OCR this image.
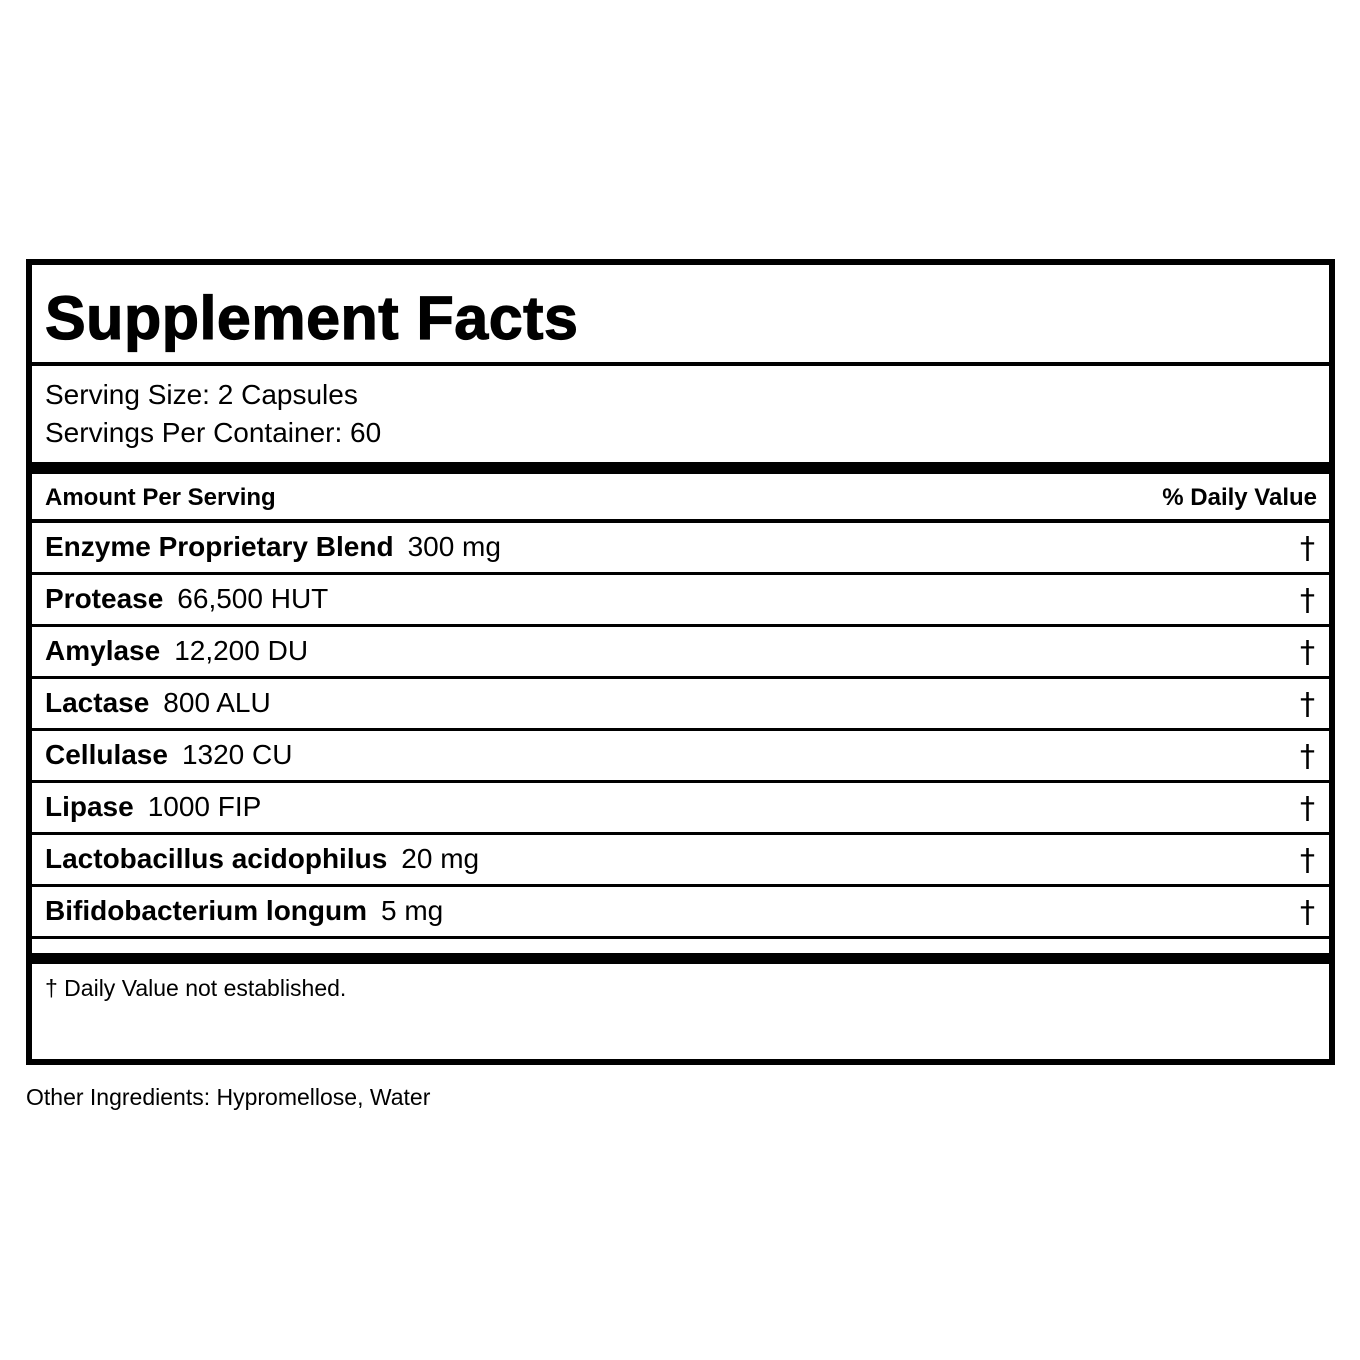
Supplement Facts
Serving Size: 2 Capsules
Servings Per Container: 60
Amount Per Serving	% Daily Value
Enzyme Proprietary Blend 300 mg	†
Protease 66,500 HUT	†
Amylase 12,200 DU	†
Lactase 800 ALU	†
Cellulase 1320 CU	†
Lipase 1000 FIP	†
Lactobacillus acidophilus 20 mg	†
Bifidobacterium longum 5 mg	†
† Daily Value not established.
Other Ingredients: Hypromellose, Water
